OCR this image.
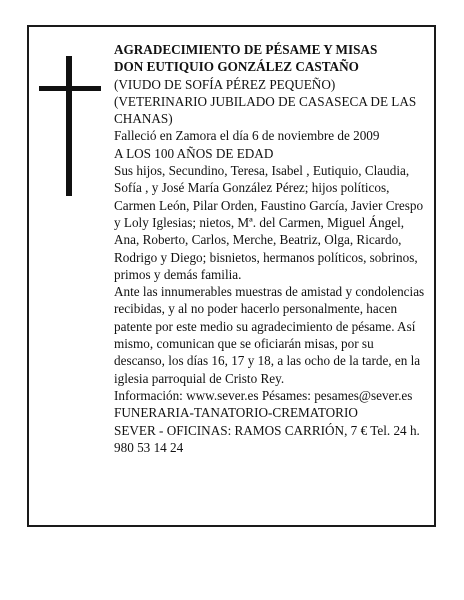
AGRADECIMIENTO DE PÉSAME Y MISAS

DON EUTIQUIO GONZÁLEZ CASTAÑO

(VIUDO DE SOFÍA PÉREZ PEQUEÑO)

(VETERINARIO JUBILADO DE CASASECA DE LAS CHANAS)

Falleció en Zamora el día 6 de noviembre de 2009

A LOS 100 AÑOS DE EDAD

Sus hijos, Secundino, Teresa, Isabel , Eutiquio, Claudia, Sofía , y José María González Pérez; hijos políticos, Carmen León, Pilar Orden, Faustino García, Javier Crespo y Loly Iglesias; nietos, Mª. del Carmen, Miguel Ángel, Ana, Roberto, Carlos, Merche, Beatriz, Olga, Ricardo, Rodrigo y Diego; bisnietos, hermanos políticos, sobrinos, primos y demás familia.

Ante las innumerables muestras de amistad y condolencias recibidas, y al no poder hacerlo personalmente, hacen patente por este medio su agradecimiento de pésame. Así mismo, comunican que se oficiarán misas, por su descanso, los días 16, 17 y 18, a las ocho de la tarde, en la iglesia parroquial de Cristo Rey.

Información: www.sever.es Pésames: pesames@sever.es

FUNERARIA-TANATORIO-CREMATORIO

SEVER - OFICINAS: RAMOS CARRIÓN, 7 € Tel. 24 h. 980 53 14 24
